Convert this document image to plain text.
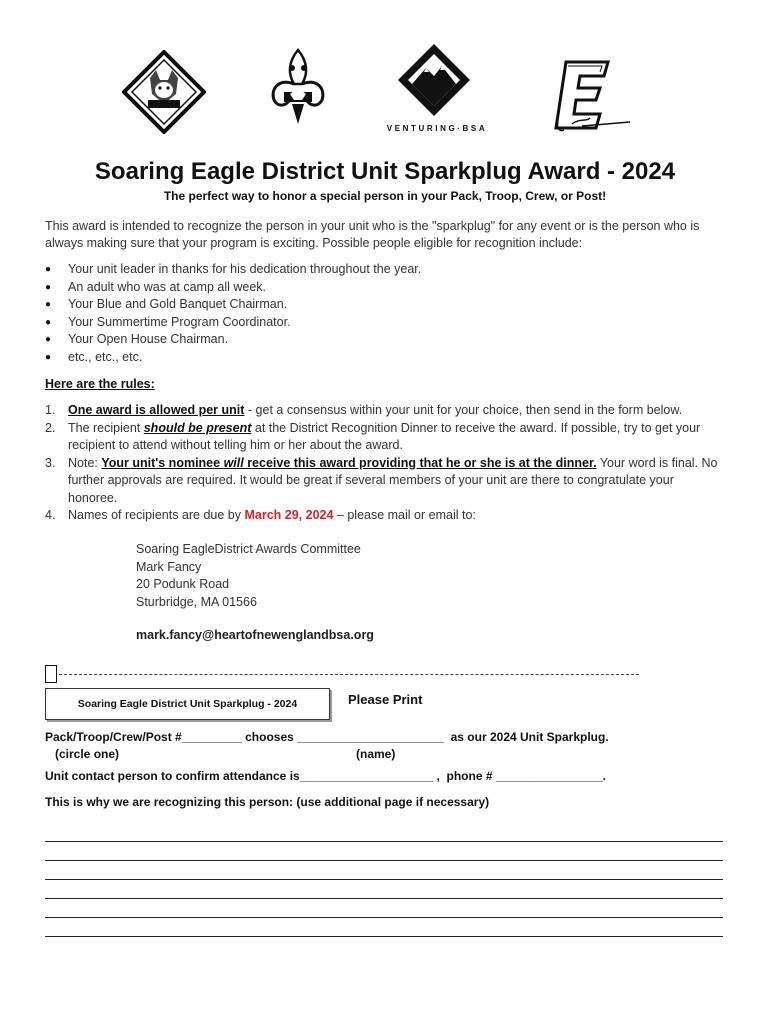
VENTURING·BSA
Soaring Eagle District Unit Sparkplug Award - 2024
The perfect way to honor a special person in your Pack, Troop, Crew, or Post!
This award is intended to recognize the person in your unit who is the "sparkplug" for any event or is the person who is always making sure that your program is exciting. Possible people eligible for recognition include:
● Your unit leader in thanks for his dedication throughout the year.
● An adult who was at camp all week.
● Your Blue and Gold Banquet Chairman.
● Your Summertime Program Coordinator.
● Your Open House Chairman.
● etc., etc., etc.
Here are the rules:
1. One award is allowed per unit - get a consensus within your unit for your choice, then send in the form below.
2. The recipient should be present at the District Recognition Dinner to receive the award. If possible, try to get your recipient to attend without telling him or her about the award.
3. Note: Your unit's nominee will receive this award providing that he or she is at the dinner. Your word is final. No further approvals are required. It would be great if several members of your unit are there to congratulate your honoree.
4. Names of recipients are due by March 29, 2024 – please mail or email to:
Soaring EagleDistrict Awards Committee
Mark Fancy
20 Podunk Road
Sturbridge, MA 01566
mark.fancy@heartofnewenglandbsa.org
Soaring Eagle District Unit Sparkplug - 2024	Please Print
Pack/Troop/Crew/Post #_________ chooses ______________________  as our 2024 Unit Sparkplug.
(circle one)	(name)
Unit contact person to confirm attendance is____________________ ,  phone # ________________.
This is why we are recognizing this person: (use additional page if necessary)
